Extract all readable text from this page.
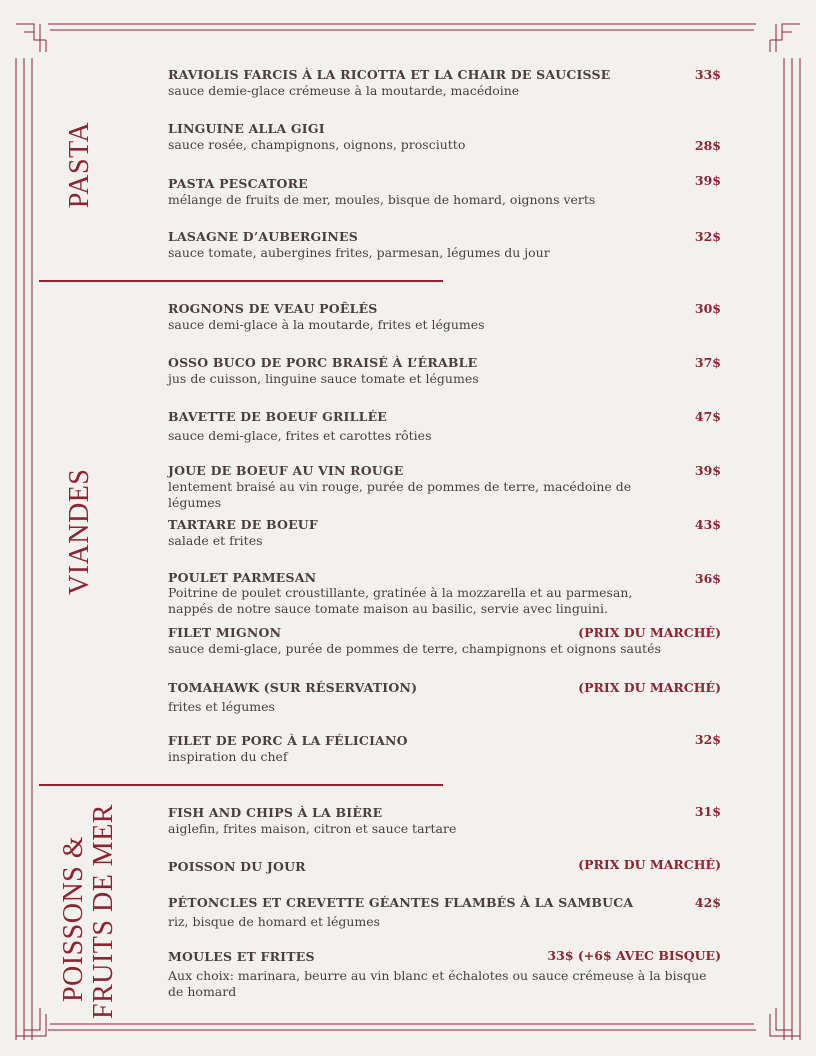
PASTA
VIANDES
POISSONS & FRUITS DE MER
RAVIOLIS FARCIS À LA RICOTTA ET LA CHAIR DE SAUCISSE
sauce demie-glace crémeuse à la moutarde, macédoine
33$
LINGUINE ALLA GIGI
sauce rosée, champignons, oignons, prosciutto	28$
PASTA PESCATORE
mélange de fruits de mer, moules, bisque de homard, oignons verts
39$
LASAGNE D’AUBERGINES
sauce tomate, aubergines frites, parmesan, légumes du jour
32$
ROGNONS DE VEAU POÊLÉS
sauce demi-glace à la moutarde, frites et légumes
30$
OSSO BUCO DE PORC BRAISÉ À L’ÉRABLE
jus de cuisson, linguine sauce tomate et légumes
37$
BAVETTE DE BOEUF GRILLÉE
sauce demi-glace, frites et carottes rôties
47$
JOUE DE BOEUF AU VIN ROUGE
lentement braisé au vin rouge, purée de pommes de terre, macédoine de légumes
39$
TARTARE DE BOEUF
salade et frites
43$
POULET PARMESAN
Poitrine de poulet croustillante, gratinée à la mozzarella et au parmesan, nappés de notre sauce tomate maison au basilic, servie avec linguini.
36$
FILET MIGNON
sauce demi-glace, purée de pommes de terre, champignons et oignons sautés
(PRIX DU MARCHÉ)
TOMAHAWK (SUR RÉSERVATION)
frites et légumes
(PRIX DU MARCHÉ)
FILET DE PORC À LA FÉLICIANO
inspiration du chef
32$
FISH AND CHIPS À LA BIÈRE
aiglefin, frites maison, citron et sauce tartare
31$
POISSON DU JOUR	(PRIX DU MARCHÉ)
PÉTONCLES ET CREVETTE GÉANTES FLAMBÉS À LA SAMBUCA
riz, bisque de homard et légumes
42$
MOULES ET FRITES
Aux choix: marinara, beurre au vin blanc et échalotes ou sauce crémeuse à la bisque de homard
33$ (+6$ AVEC BISQUE)
